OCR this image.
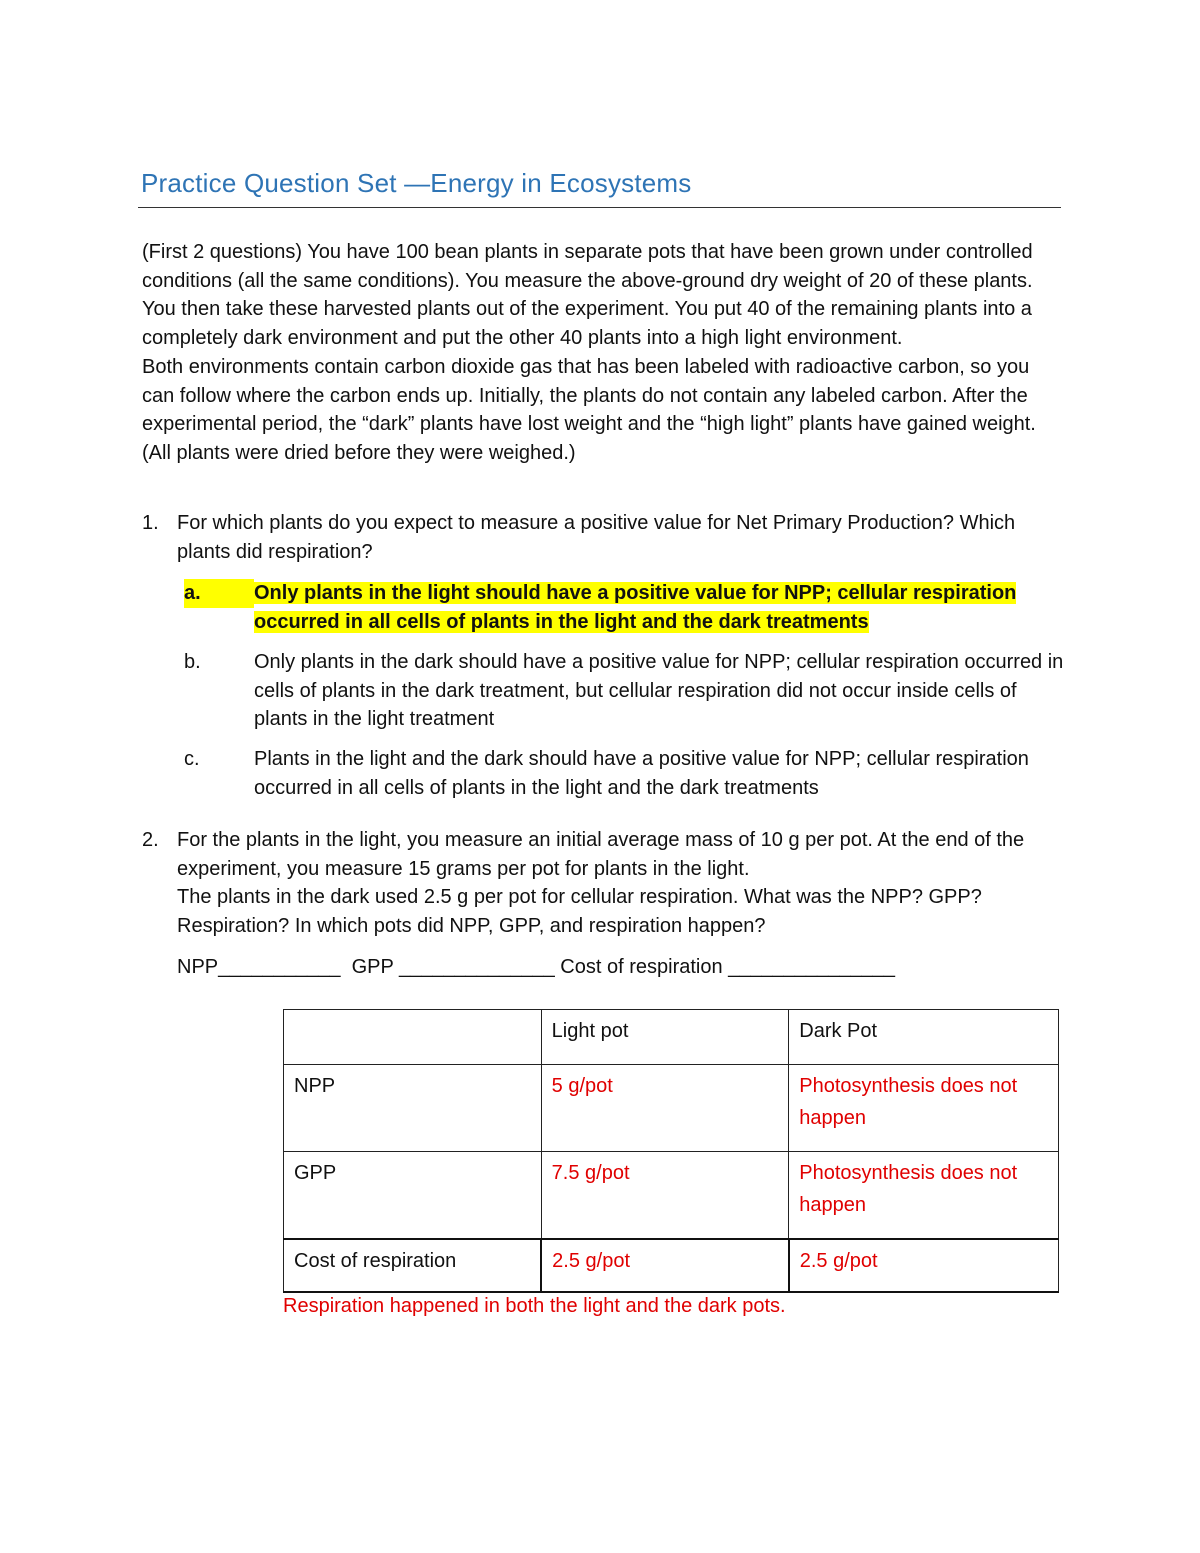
Practice Question Set —Energy in Ecosystems

(First 2 questions) You have 100 bean plants in separate pots that have been grown under controlled conditions (all the same conditions). You measure the above-ground dry weight of 20 of these plants. You then take these harvested plants out of the experiment. You put 40 of the remaining plants into a completely dark environment and put the other 40 plants into a high light environment.

Both environments contain carbon dioxide gas that has been labeled with radioactive carbon, so you can follow where the carbon ends up. Initially, the plants do not contain any labeled carbon. After the experimental period, the “dark” plants have lost weight and the “high light” plants have gained weight. (All plants were dried before they were weighed.)

1. For which plants do you expect to measure a positive value for Net Primary Production? Which plants did respiration?
a.	Only plants in the light should have a positive value for NPP; cellular respiration occurred in all cells of plants in the light and the dark treatments
b.	Only plants in the dark should have a positive value for NPP; cellular respiration occurred in cells of plants in the dark treatment, but cellular respiration did not occur inside cells of plants in the light treatment
c.	Plants in the light and the dark should have a positive value for NPP; cellular respiration occurred in all cells of plants in the light and the dark treatments
2. For the plants in the light, you measure an initial average mass of 10 g per pot. At the end of the experiment, you measure 15 grams per pot for plants in the light.
The plants in the dark used 2.5 g per pot for cellular respiration. What was the NPP? GPP? Respiration? In which pots did NPP, GPP, and respiration happen?
NPP___________  GPP ______________ Cost of respiration _______________
	Light pot	Dark Pot
NPP	5 g/pot	Photosynthesis does not happen
GPP	7.5 g/pot	Photosynthesis does not happen
Cost of respiration	2.5 g/pot	2.5 g/pot
Respiration happened in both the light and the dark pots.
